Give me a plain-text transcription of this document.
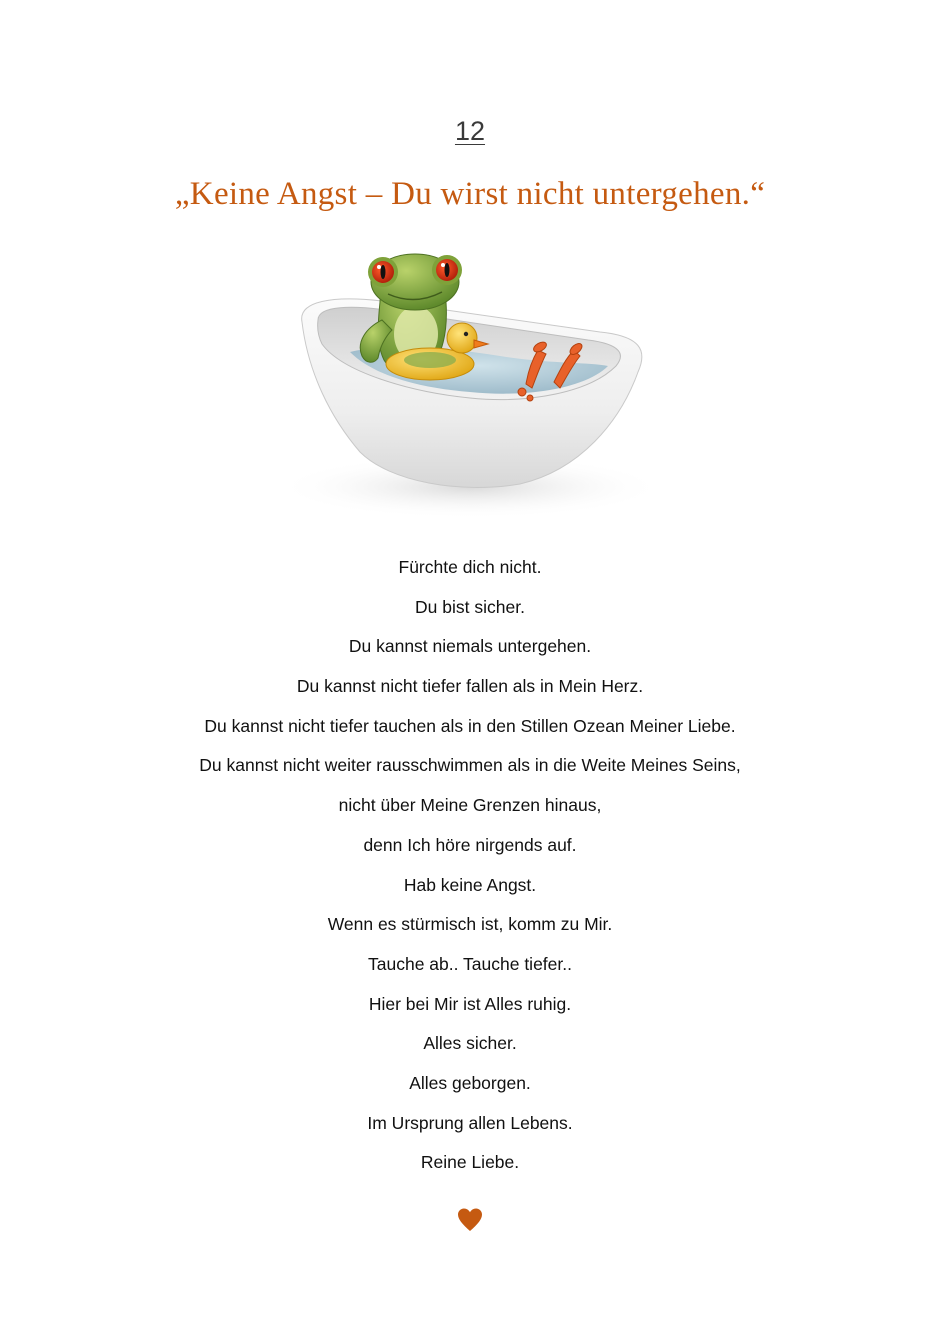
12
„Keine Angst – Du wirst nicht untergehen.“
Fürchte dich nicht.
Du bist sicher.
Du kannst niemals untergehen.
Du kannst nicht tiefer fallen als in Mein Herz.
Du kannst nicht tiefer tauchen als in den Stillen Ozean Meiner Liebe.
Du kannst nicht weiter rausschwimmen als in die Weite Meines Seins,
nicht über Meine Grenzen hinaus,
denn Ich höre nirgends auf.
Hab keine Angst.
Wenn es stürmisch ist, komm zu Mir.
Tauche ab.. Tauche tiefer..
Hier bei Mir ist Alles ruhig.
Alles sicher.
Alles geborgen.
Im Ursprung allen Lebens.
Reine Liebe.
